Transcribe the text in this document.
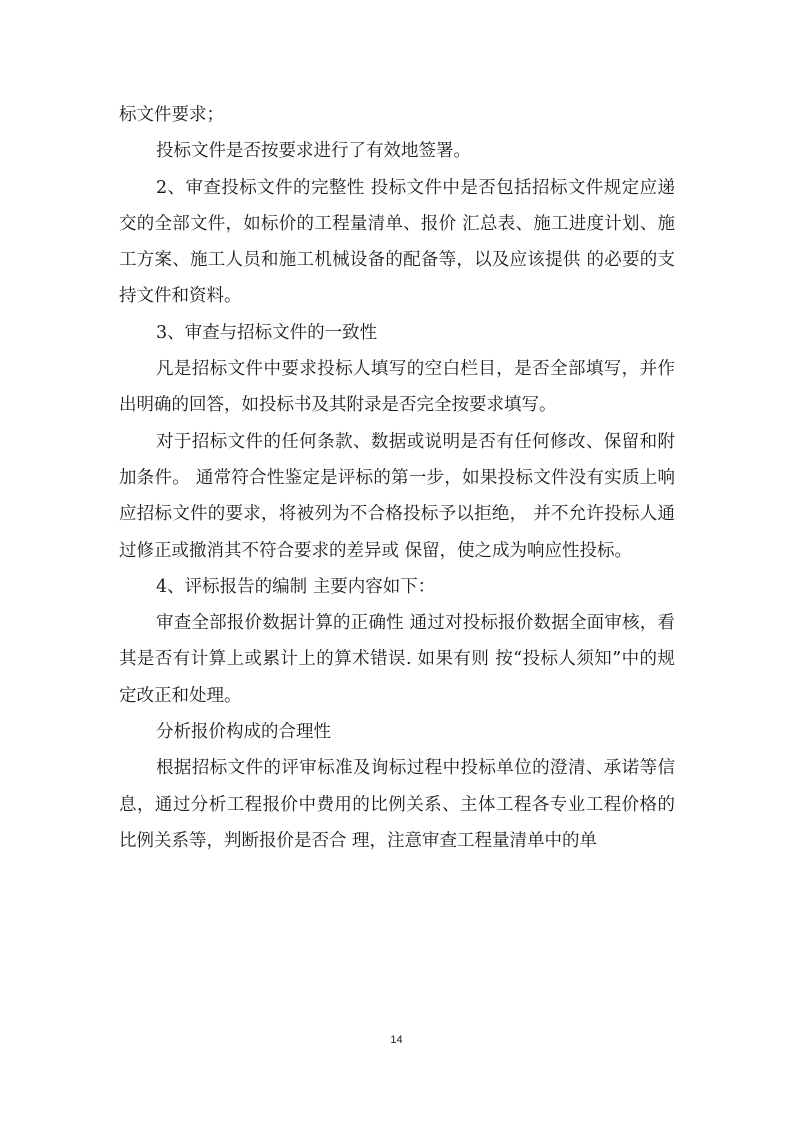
标文件要求；

投标文件是否按要求进行了有效地签署。

2、审查投标文件的完整性 投标文件中是否包括招标文件规定应递交的全部文件，如标价的工程量清单、报价 汇总表、施工进度计划、施工方案、施工人员和施工机械设备的配备等，以及应该提供 的必要的支持文件和资料。

3、审查与招标文件的一致性

凡是招标文件中要求投标人填写的空白栏目，是否全部填写，并作出明确的回答，如投标书及其附录是否完全按要求填写。

对于招标文件的任何条款、数据或说明是否有任何修改、保留和附加条件。 通常符合性鉴定是评标的第一步，如果投标文件没有实质上响应招标文件的要求，将被列为不合格投标予以拒绝， 并不允许投标人通过修正或撤消其不符合要求的差异或 保留，使之成为响应性投标。

4、评标报告的编制 主要内容如下：

审查全部报价数据计算的正确性 通过对投标报价数据全面审核，看其是否有计算上或累计上的算术错误. 如果有则 按“投标人须知”中的规定改正和处理。

分析报价构成的合理性

根据招标文件的评审标准及询标过程中投标单位的澄清、承诺等信息，通过分析工程报价中费用的比例关系、主体工程各专业工程价格的比例关系等，判断报价是否合 理，注意审查工程量清单中的单

14
